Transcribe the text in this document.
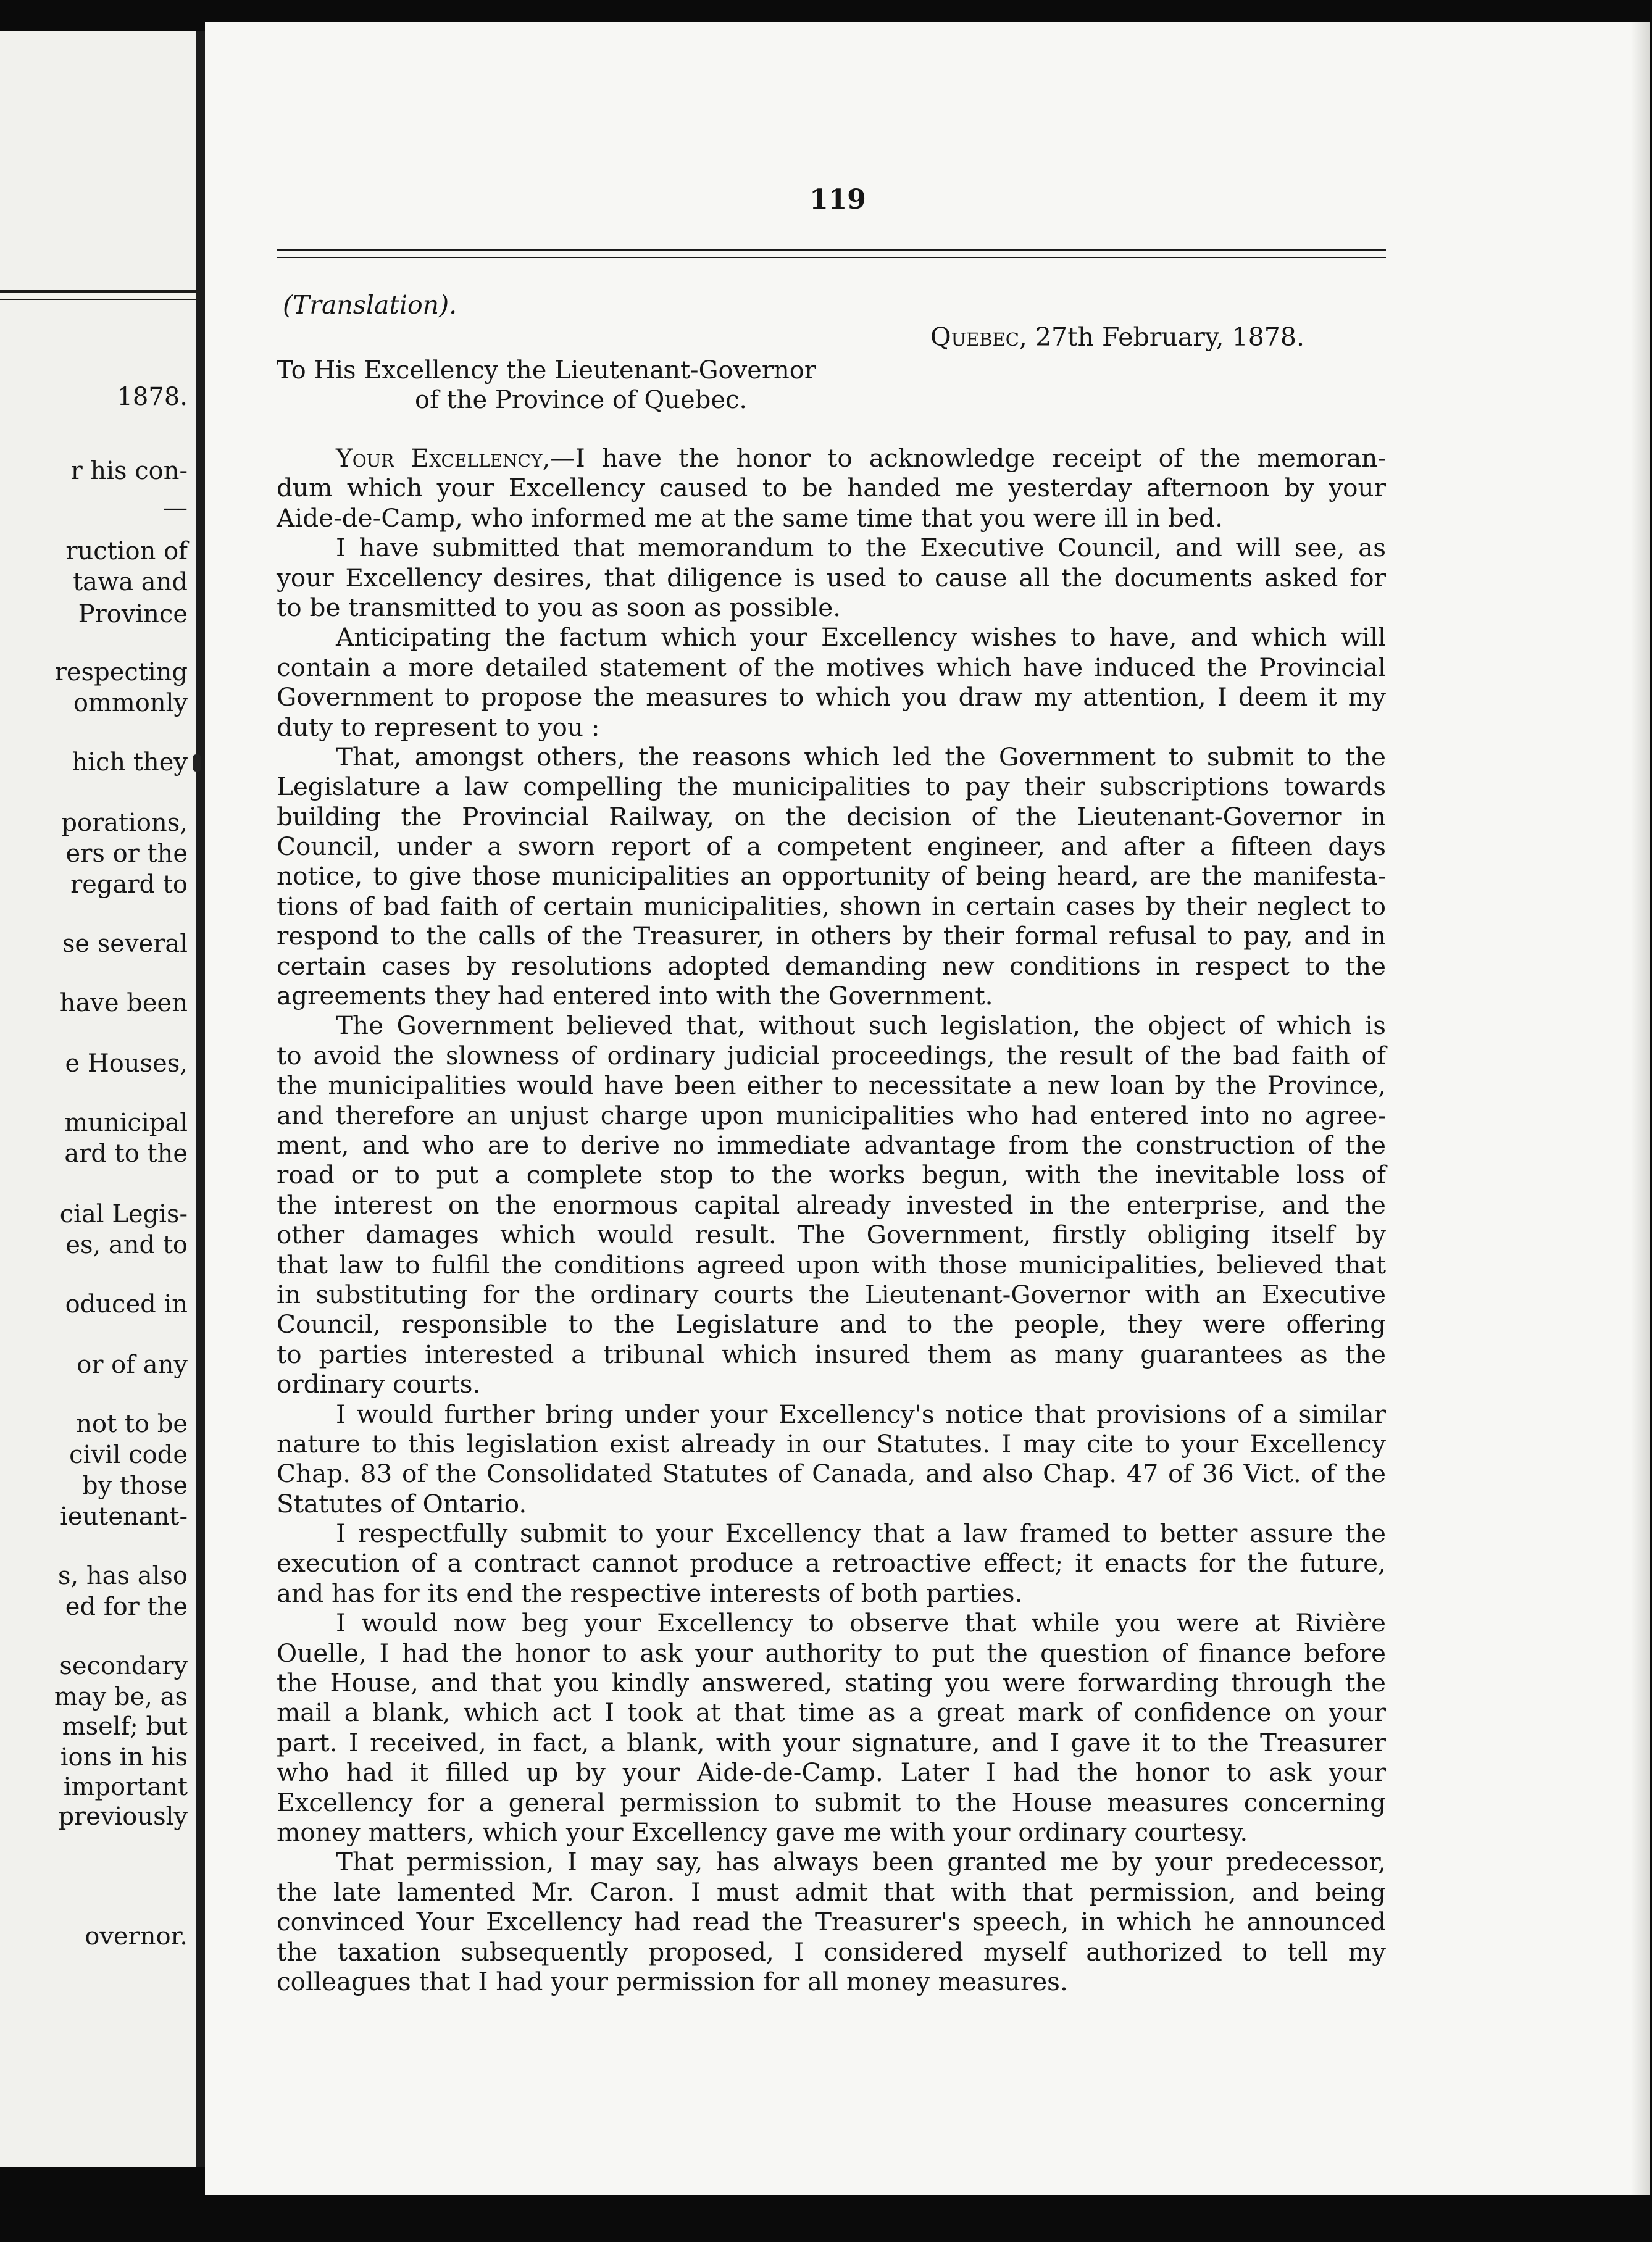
1878.
r his con-
—
ruction of
tawa and
Province
respecting
ommonly
hich they
porations,
ers or the
regard to
se several
have been
e Houses,
municipal
ard to the
cial Legis-
es, and to
oduced in
or of any
not to be
civil code
by those
ieutenant-
s, has also
ed for the
secondary
may be, as
mself; but
ions in his
important
previously
overnor.
119
(Translation).
Quebec, 27th February, 1878.
To His Excellency the Lieutenant-Governor
of the Province of Quebec.
Your Excellency,—I have the honor to acknowledge receipt of the memoran-
dum which your Excellency caused to be handed me yesterday afternoon by your
Aide-de-Camp, who informed me at the same time that you were ill in bed.
I have submitted that memorandum to the Executive Council, and will see, as
your Excellency desires, that diligence is used to cause all the documents asked for
to be transmitted to you as soon as possible.
Anticipating the factum which your Excellency wishes to have, and which will
contain a more detailed statement of the motives which have induced the Provincial
Government to propose the measures to which you draw my attention, I deem it my
duty to represent to you :
That, amongst others, the reasons which led the Government to submit to the
Legislature a law compelling the municipalities to pay their subscriptions towards
building the Provincial Railway, on the decision of the Lieutenant-Governor in
Council, under a sworn report of a competent engineer, and after a fifteen days
notice, to give those municipalities an opportunity of being heard, are the manifesta-
tions of bad faith of certain municipalities, shown in certain cases by their neglect to
respond to the calls of the Treasurer, in others by their formal refusal to pay, and in
certain cases by resolutions adopted demanding new conditions in respect to the
agreements they had entered into with the Government.
The Government believed that, without such legislation, the object of which is
to avoid the slowness of ordinary judicial proceedings, the result of the bad faith of
the municipalities would have been either to necessitate a new loan by the Province,
and therefore an unjust charge upon municipalities who had entered into no agree-
ment, and who are to derive no immediate advantage from the construction of the
road or to put a complete stop to the works begun, with the inevitable loss of
the interest on the enormous capital already invested in the enterprise, and the
other damages which would result. The Government, firstly obliging itself by
that law to fulfil the conditions agreed upon with those municipalities, believed that
in substituting for the ordinary courts the Lieutenant-Governor with an Executive
Council, responsible to the Legislature and to the people, they were offering
to parties interested a tribunal which insured them as many guarantees as the
ordinary courts.
I would further bring under your Excellency's notice that provisions of a similar
nature to this legislation exist already in our Statutes. I may cite to your Excellency
Chap. 83 of the Consolidated Statutes of Canada, and also Chap. 47 of 36 Vict. of the
Statutes of Ontario.
I respectfully submit to your Excellency that a law framed to better assure the
execution of a contract cannot produce a retroactive effect; it enacts for the future,
and has for its end the respective interests of both parties.
I would now beg your Excellency to observe that while you were at Rivière
Ouelle, I had the honor to ask your authority to put the question of finance before
the House, and that you kindly answered, stating you were forwarding through the
mail a blank, which act I took at that time as a great mark of confidence on your
part. I received, in fact, a blank, with your signature, and I gave it to the Treasurer
who had it filled up by your Aide-de-Camp. Later I had the honor to ask your
Excellency for a general permission to submit to the House measures concerning
money matters, which your Excellency gave me with your ordinary courtesy.
That permission, I may say, has always been granted me by your predecessor,
the late lamented Mr. Caron. I must admit that with that permission, and being
convinced Your Excellency had read the Treasurer's speech, in which he announced
the taxation subsequently proposed, I considered myself authorized to tell my
colleagues that I had your permission for all money measures.
